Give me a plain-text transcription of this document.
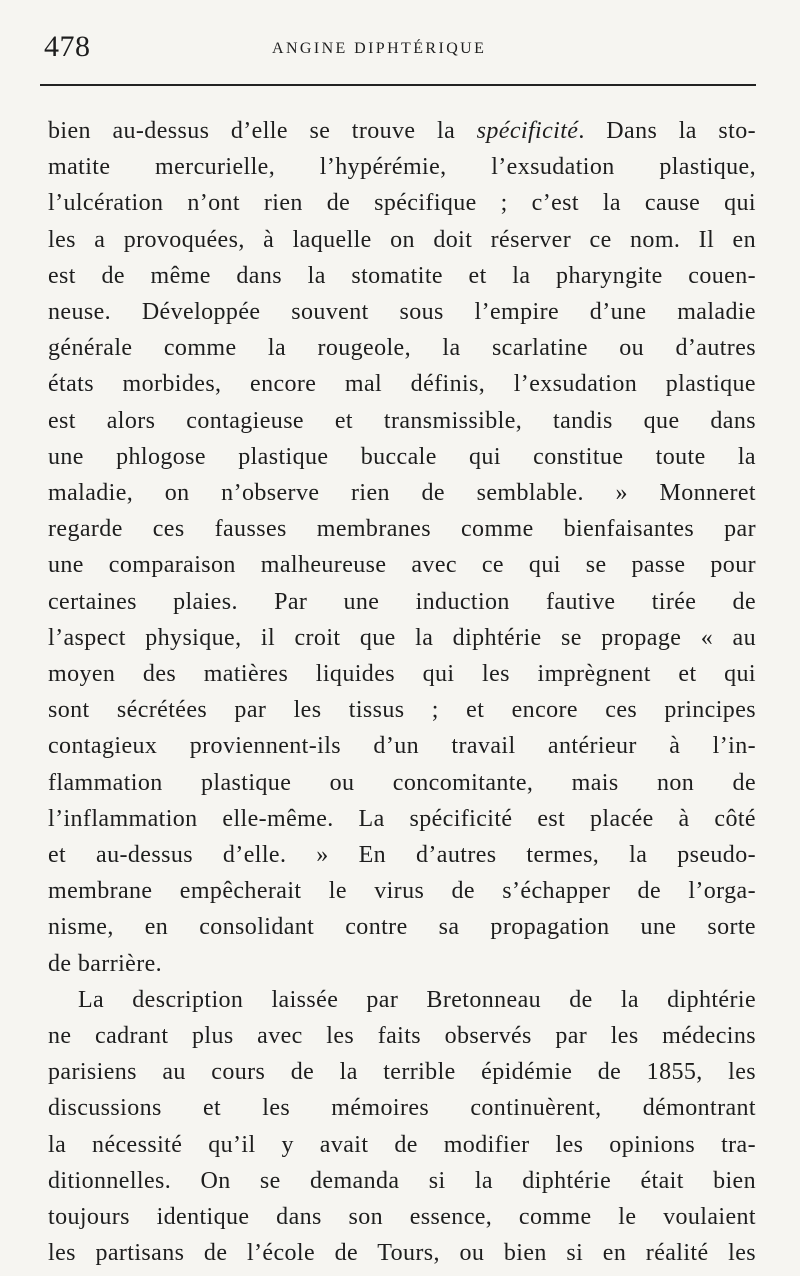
478	ANGINE DIPHTÉRIQUE
bien au-dessus d’elle se trouve la spécificité. Dans la sto-
matite mercurielle, l’hypérémie, l’exsudation plastique,
l’ulcération n’ont rien de spécifique ; c’est la cause qui
les a provoquées, à laquelle on doit réserver ce nom. Il en
est de même dans la stomatite et la pharyngite couen-
neuse. Développée souvent sous l’empire d’une maladie
générale comme la rougeole, la scarlatine ou d’autres
états morbides, encore mal définis, l’exsudation plastique
est alors contagieuse et transmissible, tandis que dans
une phlogose plastique buccale qui constitue toute la
maladie, on n’observe rien de semblable. » Monneret
regarde ces fausses membranes comme bienfaisantes par
une comparaison malheureuse avec ce qui se passe pour
certaines plaies. Par une induction fautive tirée de
l’aspect physique, il croit que la diphtérie se propage « au
moyen des matières liquides qui les imprègnent et qui
sont sécrétées par les tissus ; et encore ces principes
contagieux proviennent-ils d’un travail antérieur à l’in-
flammation plastique ou concomitante, mais non de
l’inflammation elle-même. La spécificité est placée à côté
et au-dessus d’elle. » En d’autres termes, la pseudo-
membrane empêcherait le virus de s’échapper de l’orga-
nisme, en consolidant contre sa propagation une sorte
de barrière.
La description laissée par Bretonneau de la diphtérie
ne cadrant plus avec les faits observés par les médecins
parisiens au cours de la terrible épidémie de 1855, les
discussions et les mémoires continuèrent, démontrant
la nécessité qu’il y avait de modifier les opinions tra-
ditionnelles. On se demanda si la diphtérie était bien
toujours identique dans son essence, comme le voulaient
les partisans de l’école de Tours, ou bien si en réalité les
